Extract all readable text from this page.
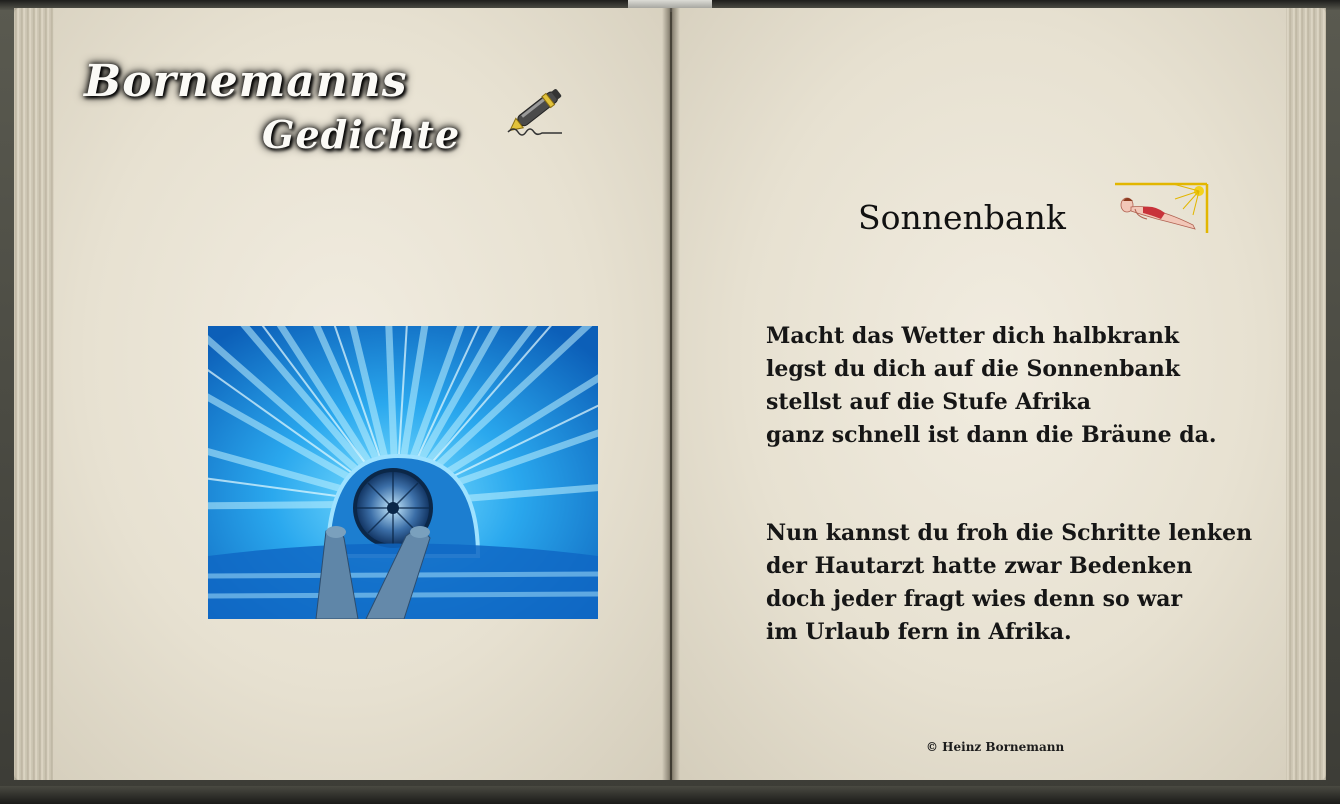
Bornemanns
Gedichte
Sonnenbank
Macht das Wetter dich halbkrank
legst du dich auf die Sonnenbank
stellst auf die Stufe Afrika
ganz schnell ist dann die Bräune da.
Nun kannst du froh die Schritte lenken
der Hautarzt hatte zwar Bedenken
doch jeder fragt wies denn so war
im Urlaub fern in Afrika.
© Heinz Bornemann
